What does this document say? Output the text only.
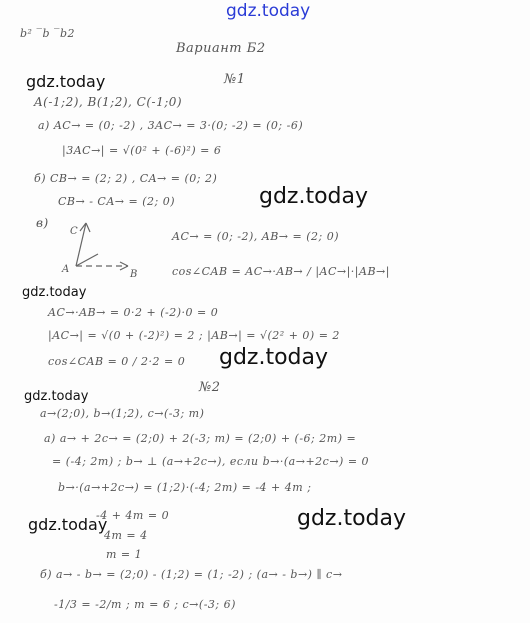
gdz.today
gdz.today
gdz.today
gdz.today
gdz.today
gdz.today
gdz.today
gdz.today
b² ‾b ‾b2
Вариант Б2
№1
A(-1;2), B(1;2), C(-1;0)
a) AC→ = (0; -2) , 3AC→ = 3·(0; -2) = (0; -6)
|3AC→| = √(0² + (-6)²) = 6
б) CB→ = (2; 2) , CA→ = (0; 2)
CB→ - CA→ = (2; 0)
в)
AC→ = (0; -2), AB→ = (2; 0)
cos∠CAB = AC→·AB→ / |AC→|·|AB→|
C
A	B
AC→·AB→ = 0·2 + (-2)·0 = 0
|AC→| = √(0 + (-2)²) = 2 ; |AB→| = √(2² + 0) = 2
cos∠CAB = 0 / 2·2 = 0
№2
a→(2;0), b→(1;2), c→(-3; m)
a) a→ + 2c→ = (2;0) + 2(-3; m) = (2;0) + (-6; 2m) =
= (-4; 2m) ; b→ ⊥ (a→+2c→), если b→·(a→+2c→) = 0
b→·(a→+2c→) = (1;2)·(-4; 2m) = -4 + 4m ;
-4 + 4m = 0
4m = 4
m = 1
б) a→ - b→ = (2;0) - (1;2) = (1; -2) ; (a→ - b→) ∥ c→
-1/3 = -2/m ; m = 6 ; c→(-3; 6)
